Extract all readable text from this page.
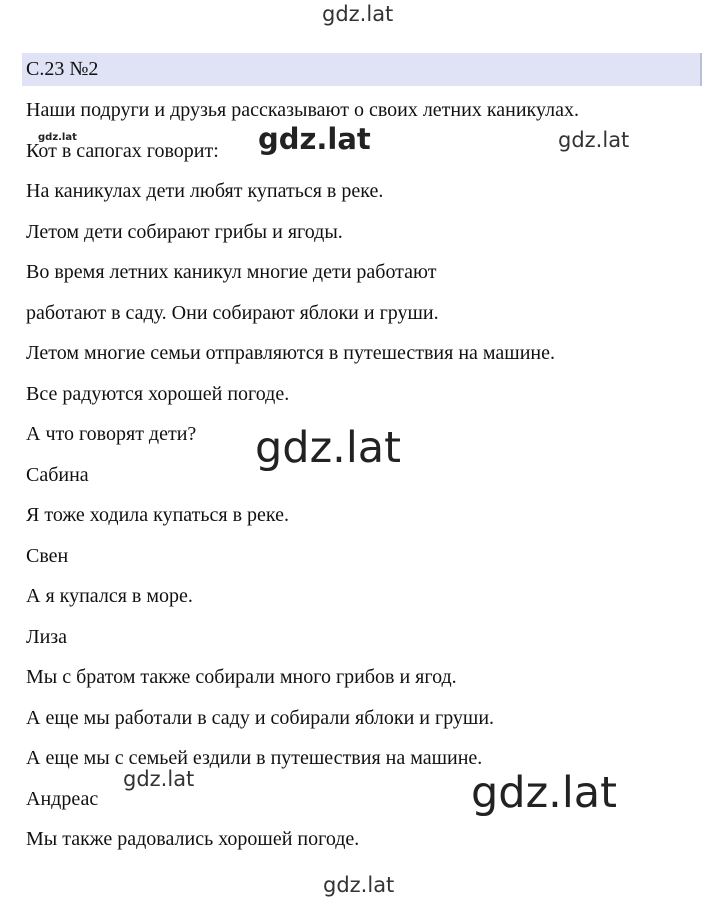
gdz.lat
С.23 №2
Наши подруги и друзья рассказывают о своих летних каникулах.
Кот в сапогах говорит:
На каникулах дети любят купаться в реке.
Летом дети собирают грибы и ягоды.
Во время летних каникул многие дети работают
работают в саду. Они собирают яблоки и груши.
Летом многие семьи отправляются в путешествия на машине.
Все радуются хорошей погоде.
А что говорят дети?
Сабина
Я тоже ходила купаться в реке.
Свен
А я купался в море.
Лиза
Мы с братом также собирали много грибов и ягод.
А еще мы работали в саду и собирали яблоки и груши.
А еще мы с семьей ездили в путешествия на машине.
Андреас
Мы также радовались хорошей погоде.
gdz.lat	gdz.lat	gdz.lat
gdz.lat
gdz.lat	gdz.lat
gdz.lat
